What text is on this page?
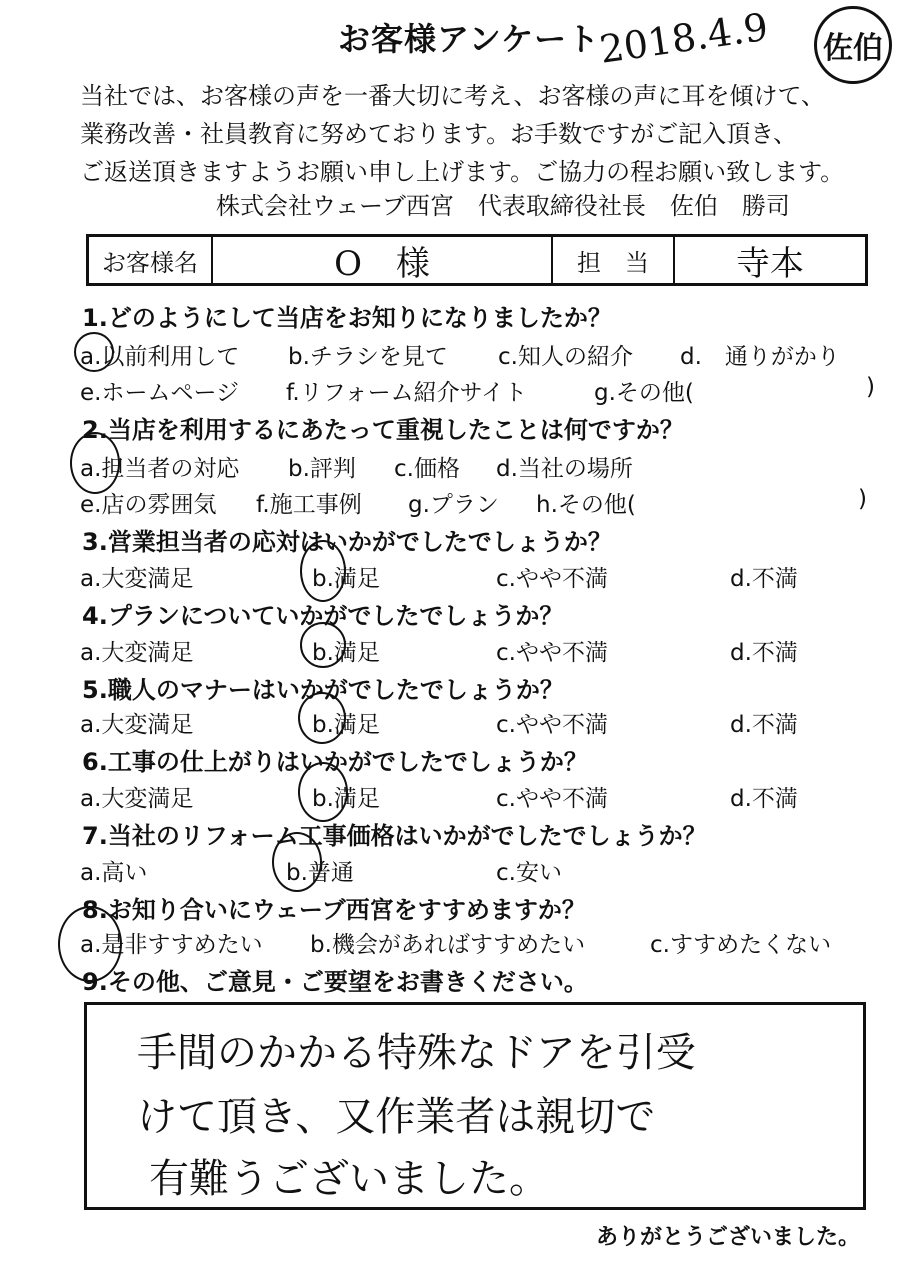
お客様アンケート
2018.4.9	佐伯
当社では、お客様の声を一番大切に考え、お客様の声に耳を傾けて、
業務改善・社員教育に努めております。お手数ですがご記入頂き、
ご返送頂きますようお願い申し上げます。ご協力の程お願い致します。
株式会社ウェーブ西宮　代表取締役社長　佐伯　勝司
お客様名	O　様	担　当	寺本
1.どのようにして当店をお知りになりましたか？
a.以前利用して b.チラシを見て c.知人の紹介 d.　通りがかり
e.ホームページ f.リフォーム紹介サイト	g.その他(	)
2.当店を利用するにあたって重視したことは何ですか？
a.担当者の対応 b.評判 c.価格 d.当社の場所
e.店の雰囲気 f.施工事例 g.プラン h.その他(	)
3.営業担当者の応対はいかがでしたでしょうか？
a.大変満足	b.満足	c.やや不満	d.不満
4.プランについていかがでしたでしょうか？
a.大変満足	b.満足	c.やや不満	d.不満
5.職人のマナーはいかがでしたでしょうか？
a.大変満足	b.満足	c.やや不満	d.不満
6.工事の仕上がりはいかがでしたでしょうか？
a.大変満足	b.満足	c.やや不満	d.不満
7.当社のリフォーム工事価格はいかがでしたでしょうか？
a.高い	b.普通	c.安い
8.お知り合いにウェーブ西宮をすすめますか？
a.是非すすめたい b.機会があればすすめたい	c.すすめたくない
9.その他、ご意見・ご要望をお書きください。
手間のかかる特殊なドアを引受
けて頂き、又作業者は親切で
有難うございました。
ありがとうございました。
